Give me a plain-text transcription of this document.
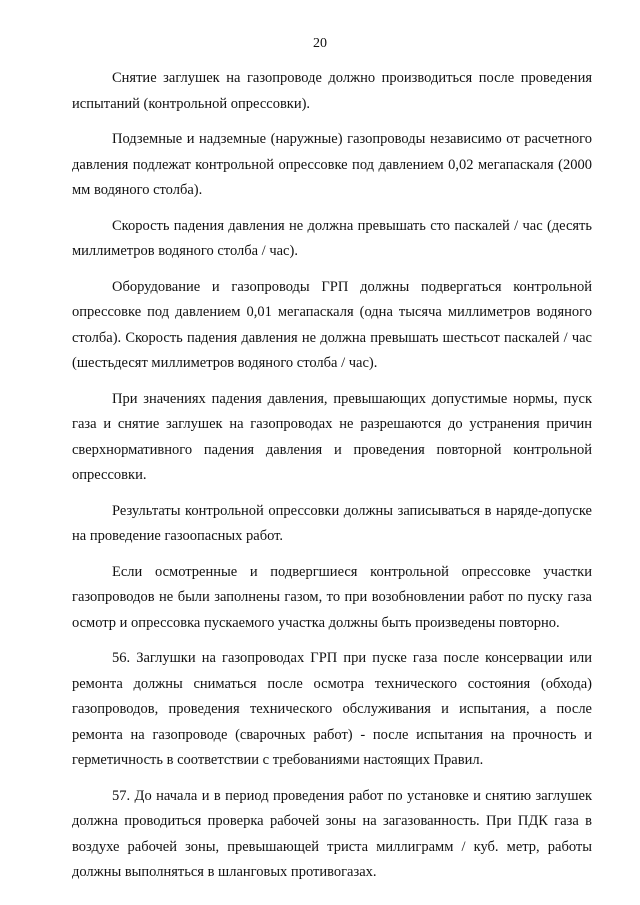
20

Снятие заглушек на газопроводе должно производиться после проведения испытаний (контрольной опрессовки).

Подземные и надземные (наружные) газопроводы независимо от расчетного давления подлежат контрольной опрессовке под давлением 0,02 мегапаскаля (2000 мм водяного столба).

Скорость падения давления не должна превышать сто паскалей / час (десять миллиметров водяного столба / час).

Оборудование и газопроводы ГРП должны подвергаться контрольной опрессовке под давлением 0,01 мегапаскаля (одна тысяча миллиметров водяного столба). Скорость падения давления не должна превышать шестьсот паскалей / час (шестьдесят миллиметров водяного столба / час).

При значениях падения давления, превышающих допустимые нормы, пуск газа и снятие заглушек на газопроводах не разрешаются до устранения причин сверхнормативного падения давления и проведения повторной контрольной опрессовки.

Результаты контрольной опрессовки должны записываться в наряде-допуске на проведение газоопасных работ.

Если осмотренные и подвергшиеся контрольной опрессовке участки газопроводов не были заполнены газом, то при возобновлении работ по пуску газа осмотр и опрессовка пускаемого участка должны быть произведены повторно.

56. Заглушки на газопроводах ГРП при пуске газа после консервации или ремонта должны сниматься после осмотра технического состояния (обхода) газопроводов, проведения технического обслуживания и испытания, а после ремонта на газопроводе (сварочных работ) - после испытания на прочность и герметичность в соответствии с требованиями настоящих Правил.

57. До начала и в период проведения работ по установке и снятию заглушек должна проводиться проверка рабочей зоны на загазованность. При ПДК газа в воздухе рабочей зоны, превышающей триста миллиграмм / куб. метр, работы должны выполняться в шланговых противогазах.
